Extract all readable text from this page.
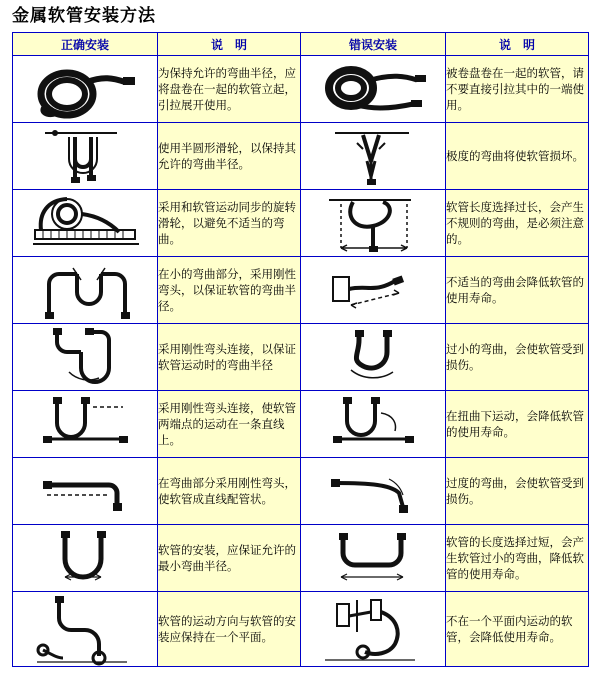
金属软管安装方法
正确安装	说　明	错误安装	说　明

	为保持允许的弯曲半径，应将盘卷在一起的软管立起，引拉展开使用。		被卷盘卷在一起的软管，请不要直接引拉其中的一端使用。

	使用半圆形滑轮，以保持其允许的弯曲半径。		极度的弯曲将使软管损坏。

	采用和软管运动同步的旋转滑轮，以避免不适当的弯曲。		软管长度选择过长，会产生不规则的弯曲，是必须注意的。

	在小的弯曲部分，采用刚性弯头，以保证软管的弯曲半径。		不适当的弯曲会降低软管的使用寿命。

	采用刚性弯头连接，以保证软管运动时的弯曲半径		过小的弯曲，会使软管受到损伤。

	采用刚性弯头连接，使软管两端点的运动在一条直线上。		在扭曲下运动，会降低软管的使用寿命。

	在弯曲部分采用刚性弯头，使软管成直线配管状。		过度的弯曲，会使软管受到损伤。

	软管的安装，应保证允许的最小弯曲半径。		软管的长度选择过短，会产生软管过小的弯曲，降低软管的使用寿命。

	软管的运动方向与软管的安装应保持在一个平面。		不在一个平面内运动的软管，会降低使用寿命。
